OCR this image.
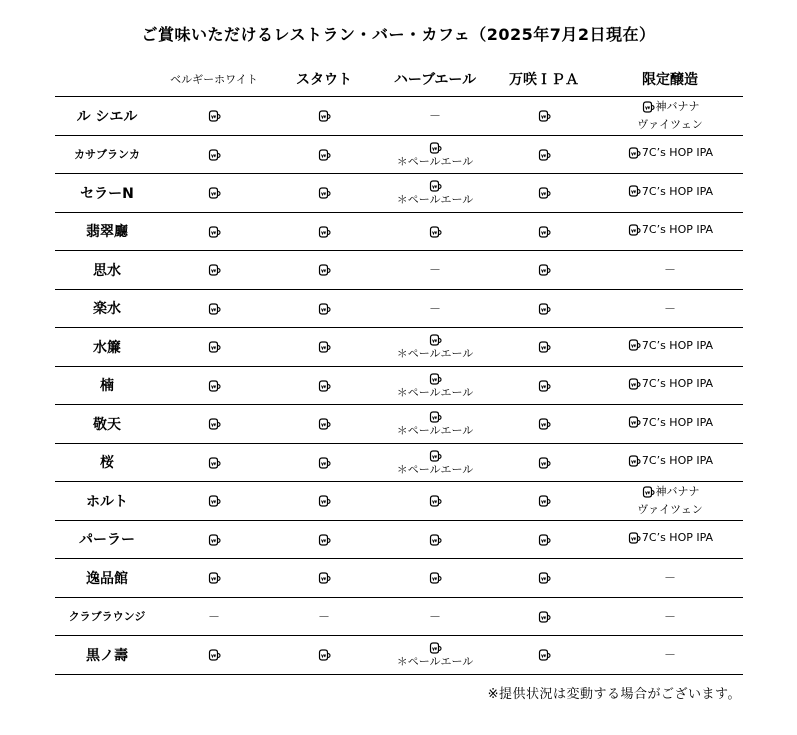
ご賞味いただけるレストラン・バー・カフェ（2025年7月2日現在）
	ベルギーホワイト	スタウト	ハーブエール	万咲ＩＰＡ	限定醸造
ル シエル			－		神バナナ
ヴァイツェン

カサブランカ			＊ペールエール		7C’s HOP IPA

セラーN			＊ペールエール		7C’s HOP IPA

翡翠廳					7C’s HOP IPA

思水			－		－
楽水			－		－
水簾			＊ペールエール		7C’s HOP IPA

楠			＊ペールエール		7C’s HOP IPA

敬天			＊ペールエール		7C’s HOP IPA

桜			＊ペールエール		7C’s HOP IPA

ホルト					神バナナ
ヴァイツェン

パーラー					7C’s HOP IPA

逸品館					－
クラブラウンジ	－	－	－		－
黒ノ壽			＊ペールエール		－
※提供状況は変動する場合がございます。
